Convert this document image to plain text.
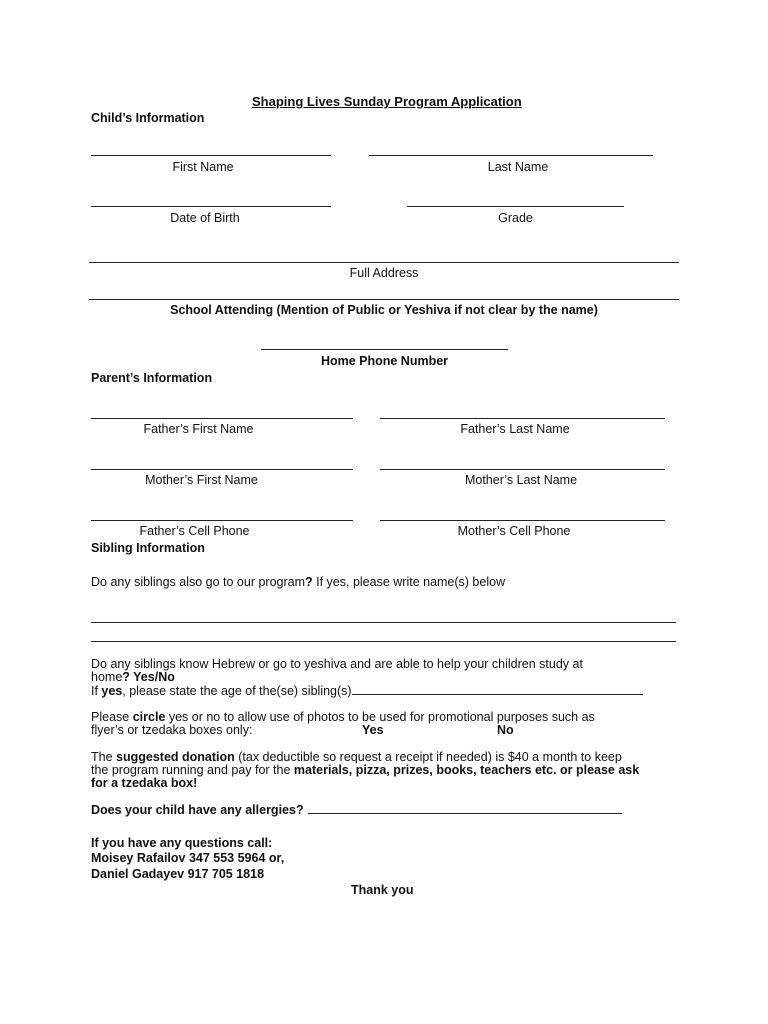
Shaping Lives Sunday Program Application
Child’s Information
First Name	Last Name
Date of Birth	Grade
Full Address
School Attending (Mention of Public or Yeshiva if not clear by the name)
Home Phone Number
Parent’s Information
Father’s First Name	Father’s Last Name
Mother’s First Name	Mother’s Last Name
Father’s Cell Phone	Mother’s Cell Phone
Sibling Information
Do any siblings also go to our program? If yes, please write name(s) below
Do any siblings know Hebrew or go to yeshiva and are able to help your children study at
home? Yes/No
If yes, please state the age of the(se) sibling(s)
Please circle yes or no to allow use of photos to be used for promotional purposes such as
flyer’s or tzedaka boxes only:	Yes	No
The suggested donation (tax deductible so request a receipt if needed) is $40 a month to keep
the program running and pay for the materials, pizza, prizes, books, teachers etc. or please ask
for a tzedaka box!
Does your child have any allergies?
If you have any questions call:
Moisey Rafailov 347 553 5964 or,
Daniel Gadayev 917 705 1818
Thank you
